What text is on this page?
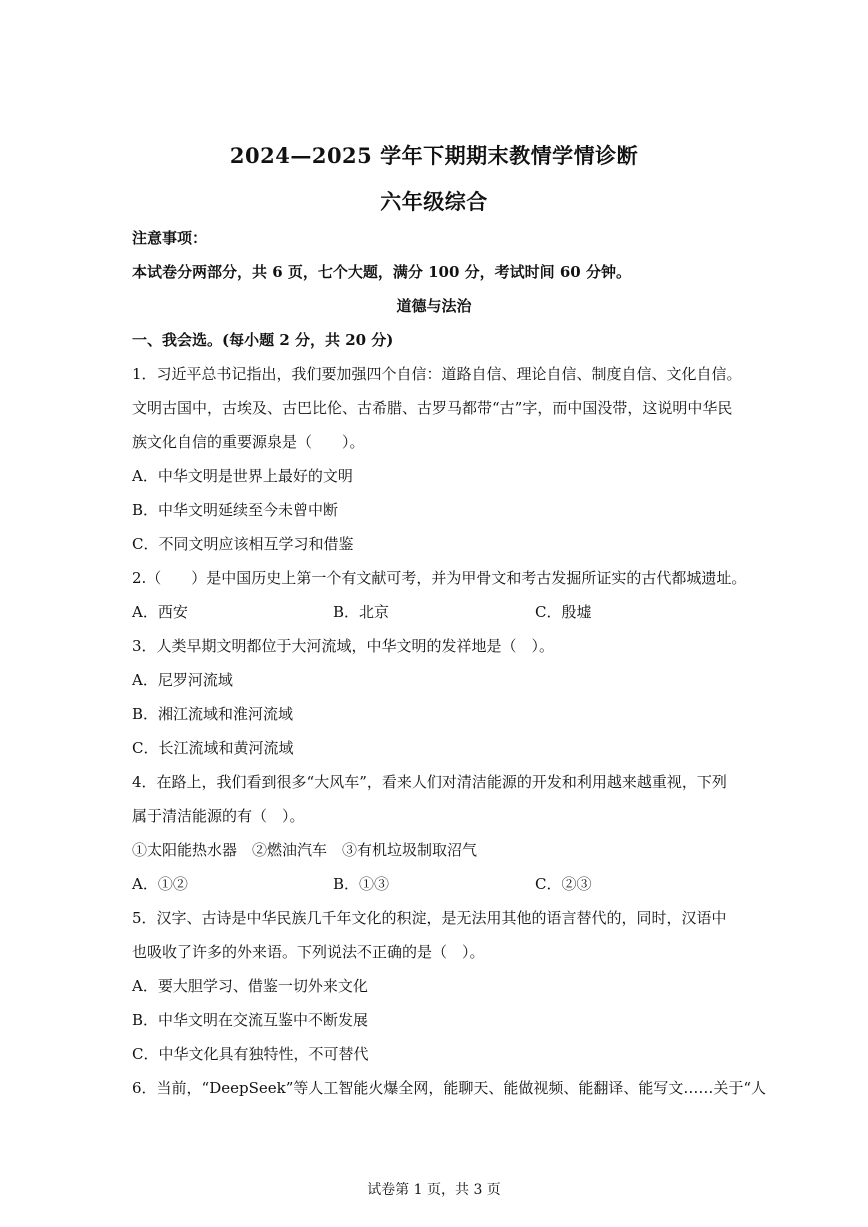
2024—2025 学年下期期末教情学情诊断
六年级综合
注意事项：
本试卷分两部分，共 6 页，七个大题，满分 100 分，考试时间 60 分钟。
道德与法治
一、我会选。(每小题 2 分，共 20 分)
1．习近平总书记指出，我们要加强四个自信：道路自信、理论自信、制度自信、文化自信。
文明古国中，古埃及、古巴比伦、古希腊、古罗马都带“古”字，而中国没带，这说明中华民
族文化自信的重要源泉是（　　）。
A．中华文明是世界上最好的文明
B．中华文明延续至今未曾中断
C．不同文明应该相互学习和借鉴
2.（　　）是中国历史上第一个有文献可考，并为甲骨文和考古发掘所证实的古代都城遗址。
A．西安	B．北京	C．殷墟
3．人类早期文明都位于大河流域，中华文明的发祥地是（　）。
A．尼罗河流域
B．湘江流域和淮河流域
C．长江流域和黄河流域
4．在路上，我们看到很多“大风车”，看来人们对清洁能源的开发和利用越来越重视，下列
属于清洁能源的有（　）。
①太阳能热水器　②燃油汽车　③有机垃圾制取沼气
A．①②	B．①③	C．②③
5．汉字、古诗是中华民族几千年文化的积淀，是无法用其他的语言替代的，同时，汉语中
也吸收了许多的外来语。下列说法不正确的是（　）。
A．要大胆学习、借鉴一切外来文化
B．中华文明在交流互鉴中不断发展
C．中华文化具有独特性，不可替代
6．当前，“DeepSeek”等人工智能火爆全网，能聊天、能做视频、能翻译、能写文……关于“人
试卷第 1 页，共 3 页
